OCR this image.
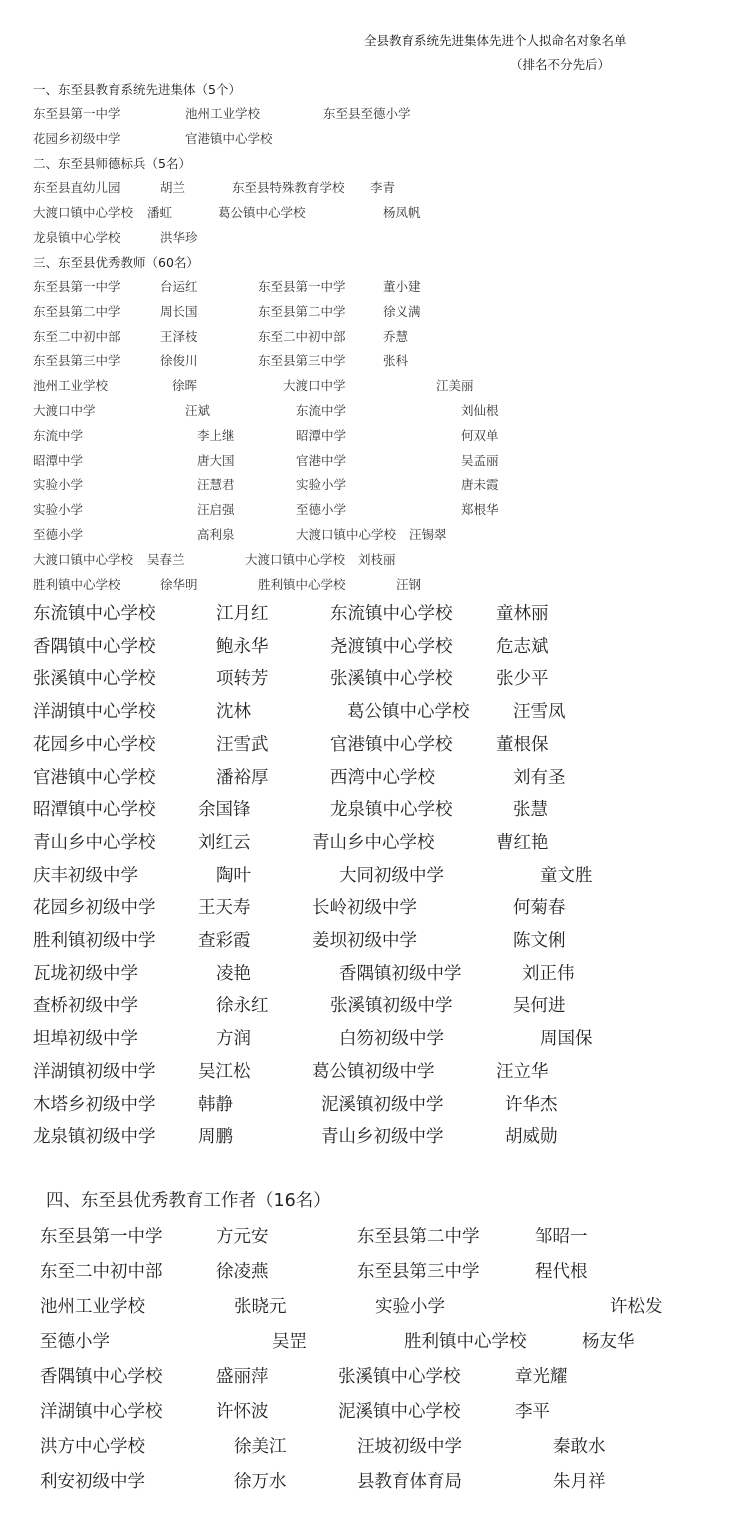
全县教育系统先进集体先进个人拟命名对象名单
（排名不分先后）
一、东至县教育系统先进集体（5个）
东至县第一中学	池州工业学校	东至县至德小学
花园乡初级中学	官港镇中心学校
二、东至县师德标兵（5名）
东至县直幼儿园	胡兰	东至县特殊教育学校 李青
大渡口镇中心学校 潘虹	葛公镇中心学校	杨凤帆
龙泉镇中心学校	洪华珍
三、东至县优秀教师（60名）
东至县第一中学	台运红	东至县第一中学	董小建
东至县第二中学	周长国	东至县第二中学	徐义满
东至二中初中部	王泽枝	东至二中初中部	乔慧
东至县第三中学	徐俊川	东至县第三中学	张科
池州工业学校	徐晖	大渡口中学	江美丽
大渡口中学	汪斌	东流中学	刘仙根
东流中学	李上继	昭潭中学	何双单
昭潭中学	唐大国	官港中学	吴孟丽
实验小学	汪慧君	实验小学	唐未霞
实验小学	汪启强	至德小学	郑根华
至德小学	高利泉	大渡口镇中心学校 汪锡翠
大渡口镇中心学校 吴春兰	大渡口镇中心学校 刘枝丽
胜利镇中心学校	徐华明	胜利镇中心学校	汪钢
东流镇中心学校	江月红	东流镇中心学校 童林丽
香隅镇中心学校	鲍永华	尧渡镇中心学校 危志斌
张溪镇中心学校	项转芳	张溪镇中心学校 张少平
洋湖镇中心学校	沈林	葛公镇中心学校 汪雪凤
花园乡中心学校	汪雪武	官港镇中心学校 董根保
官港镇中心学校	潘裕厚	西湾中心学校	刘有圣
昭潭镇中心学校 余国锋	龙泉镇中心学校	张慧
青山乡中心学校 刘红云	青山乡中心学校	曹红艳
庆丰初级中学	陶叶	大同初级中学	童文胜
花园乡初级中学 王天寿	长岭初级中学	何菊春
胜利镇初级中学 查彩霞	姜坝初级中学	陈文俐
瓦垅初级中学	凌艳	香隅镇初级中学	刘正伟
查桥初级中学	徐永红	张溪镇初级中学	吴何进
坦埠初级中学	方润	白笏初级中学	周国保
洋湖镇初级中学 吴江松	葛公镇初级中学	汪立华
木塔乡初级中学 韩静	泥溪镇初级中学	许华杰
龙泉镇初级中学 周鹏	青山乡初级中学	胡威勋
四、东至县优秀教育工作者（16名）
东至县第一中学	方元安	东至县第二中学	邹昭一
东至二中初中部	徐凌燕	东至县第三中学	程代根
池州工业学校	张晓元	实验小学	许松发
至德小学	吴罡	胜利镇中心学校	杨友华
香隅镇中心学校	盛丽萍	张溪镇中心学校	章光耀
洋湖镇中心学校	许怀波	泥溪镇中心学校	李平
洪方中心学校	徐美江	汪坡初级中学	秦敢水
利安初级中学	徐万水	县教育体育局	朱月祥
